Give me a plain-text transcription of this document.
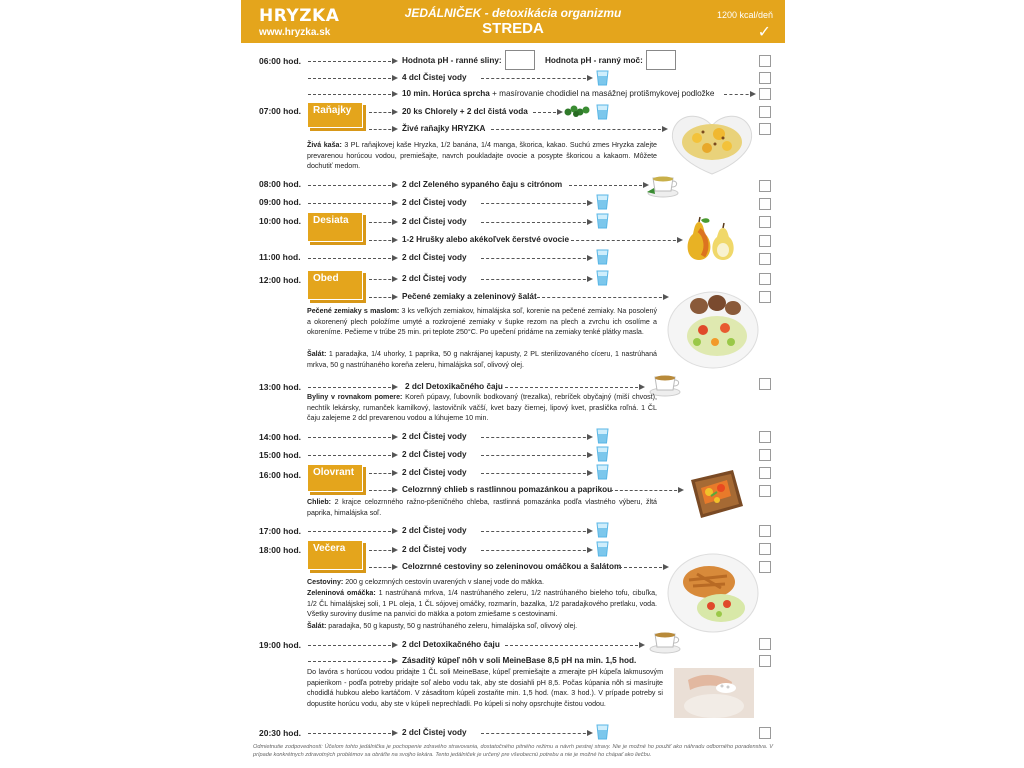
HRYZKA
www.hryzka.sk
JEDÁLNIČEK - detoxikácia organizmu
STREDA
1200 kcal/deň
✓
06:00 hod.	Hodnota pH - ranné sliny:	Hodnota pH - ranný moč:
4 dcl Čistej vody
10 min. Horúca sprcha + masírovanie chodidiel na masážnej protišmykovej podložke
07:00 hod.	Raňajky	20 ks Chlorely + 2 dcl čistá voda
Živé raňajky HRYZKA
Živá kaša: 3 PL raňajkovej kaše Hryzka, 1/2 banána, 1/4 manga, škorica, kakao. Suchú zmes Hryzka zalejte prevarenou horúcou vodou, premiešajte, navrch poukladajte ovocie a posypte škoricou a kakaom. Môžete dochutiť medom.
08:00 hod.	2 dcl Zeleného sypaného čaju s citrónom
09:00 hod.	2 dcl Čistej vody
10:00 hod.	Desiata	2 dcl Čistej vody
1-2 Hrušky alebo akékoľvek čerstvé ovocie
11:00 hod.	2 dcl Čistej vody
12:00 hod.	Obed	2 dcl Čistej vody
Pečené zemiaky a zeleninový šalát
Pečené zemiaky s maslom: 3 ks veľkých zemiakov, himalájska soľ, korenie na pečené zemiaky. Na posolený a okorenený plech položíme umyté a rozkrojené zemiaky v šupke rezom na plech a zvrchu ich osolíme a okoreníme. Pečieme v trúbe 25 min. pri teplote 250°C. Po upečení pridáme na zemiaky tenké plátky masla.
Šalát: 1 paradajka, 1/4 uhorky, 1 paprika, 50 g nakrájanej kapusty, 2 PL sterilizovaného cíceru, 1 nastrúhaná mrkva, 50 g nastrúhaného koreňa zeleru, himalájska soľ, olivový olej.
13:00 hod.	2 dcl Detoxikačného čaju
Byliny v rovnakom pomere: Koreň púpavy, ľubovník bodkovaný (trezalka), rebríček obyčajný (miší chvost), nechtík lekársky, rumanček kamilkový, lastovičník väčší, kvet bazy čiernej, lipový kvet, praslička roľná. 1 ČL čaju zalejeme 2 dcl prevarenou vodou a lúhujeme 10 min.
14:00 hod.	2 dcl Čistej vody
15:00 hod.	2 dcl Čistej vody
16:00 hod.	Olovrant	2 dcl Čistej vody
Celozrnný chlieb s rastlinnou pomazánkou a paprikou
Chlieb: 2 krajce celozrnného ražno-pšeničného chleba, rastlinná pomazánka podľa vlastného výberu, žltá paprika, himalájska soľ.
17:00 hod.	2 dcl Čistej vody
18:00 hod.	Večera	2 dcl Čistej vody
Celozrnné cestoviny so zeleninovou omáčkou a šalátom
Cestoviny: 200 g celozrnných cestovín uvarených v slanej vode do mäkka.
Zeleninová omáčka: 1 nastrúhaná mrkva, 1/4 nastrúhaného zeleru, 1/2 nastrúhaného bieleho tofu, cibuľka, 1/2 ČL himalájskej soli, 1 PL oleja, 1 ČL sójovej omáčky, rozmarín, bazalka, 1/2 paradajkového pretlaku, voda. Všetky suroviny dusíme na panvici do mäkka a potom zmiešame s cestovinami.
Šalát: paradajka, 50 g kapusty, 50 g nastrúhaného zeleru, himalájska soľ, olivový olej.
19:00 hod.	2 dcl Detoxikačného čaju
Zásaditý kúpeľ nôh v soli MeineBase 8,5 pH na min. 1,5 hod.
Do lavóra s horúcou vodou pridajte 1 ČL soli MeineBase, kúpeľ premiešajte a zmerajte pH kúpeľa lakmusovým papierikom - podľa potreby pridajte soľ alebo vodu tak, aby ste dosiahli pH 8,5. Počas kúpania nôh si masírujte chodidlá hubkou alebo kartáčom. V zásaditom kúpeli zostaňte min. 1,5 hod. (max. 3 hod.). V prípade potreby si dopustite horúcu vodu, aby ste v kúpeli neprechladli. Po kúpeli si nohy opsrchujte čistou vodou.
20:30 hod.	2 dcl Čistej vody
Odmietnutie zodpovednosti: Účelom tohto jedálnička je pochopenie zdravého stravovania, dostatočného pitného režimu a návrh pestrej stravy. Nie je možné ho použiť ako náhradu odborného poradenstva. V prípade konkrétnych zdravotných problémov sa obráťte na svojho lekára. Tento jedálniček je určený pre všeobecnú potrebu a nie je možné ho chápať ako liečbu.
